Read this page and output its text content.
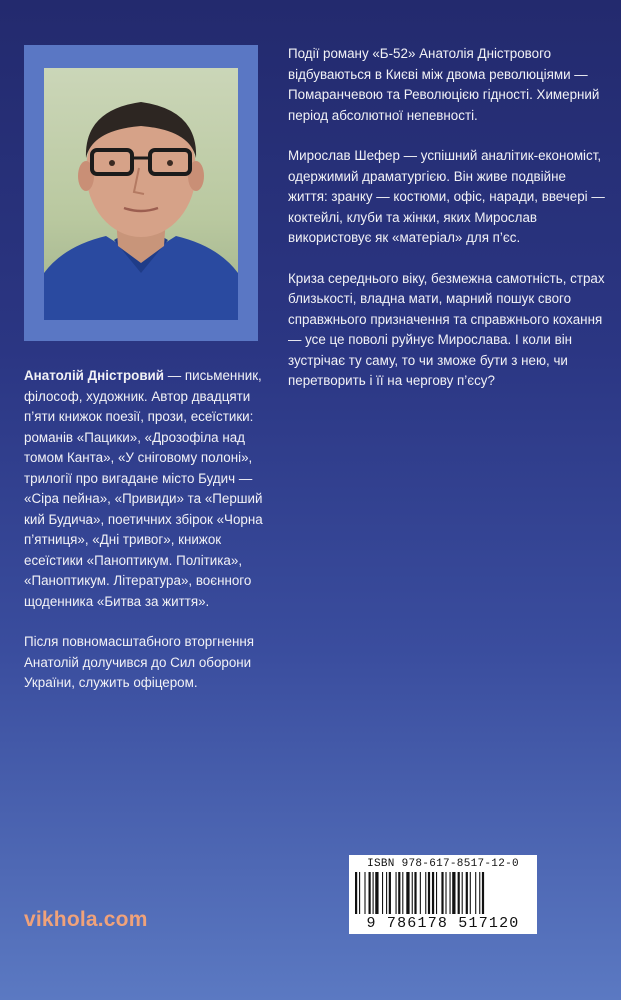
Події роману «Б-52» Анатолія Дністрового відбуваються в Києві між двома революціями — Помаранчевою та Революцією гідності. Химерний період абсолютної непевності.

Мирослав Шефер — успішний аналітик-економіст, одержимий драматургією. Він живе подвійне життя: зранку — костюми, офіс, наради, ввечері — коктейлі, клуби та жінки, яких Мирослав використовує як «матеріал» для п’єс.

Криза середнього віку, безмежна самотність, страх близькості, владна мати, марний пошук свого справжнього призначення та справжнього кохання — усе це поволі руйнує Мирослава. І коли він зустрічає ту саму, то чи зможе бути з нею, чи перетворить і її на чергову п’єсу?

Анатолій Дністровий — письменник, філософ, художник. Автор двадцяти п’яти книжок поезії, прози, есеїстики: романів «Пацики», «Дрозофіла над томом Канта», «У сніговому полоні», трилогії про вигадане місто Будич — «Сіра пейна», «Привиди» та «Перший кий Будича», поетичних збірок «Чорна п’ятниця», «Дні тривог», книжок есеїстики «Паноптикум. Політика», «Паноптикум. Література», воєнного щоденника «Битва за життя».

Після повномасштабного вторгнення Анатолій долучився до Сил оборони України, служить офіцером.

vikhola.com
ISBN 978-617-8517-12-0
9 786178 517120
